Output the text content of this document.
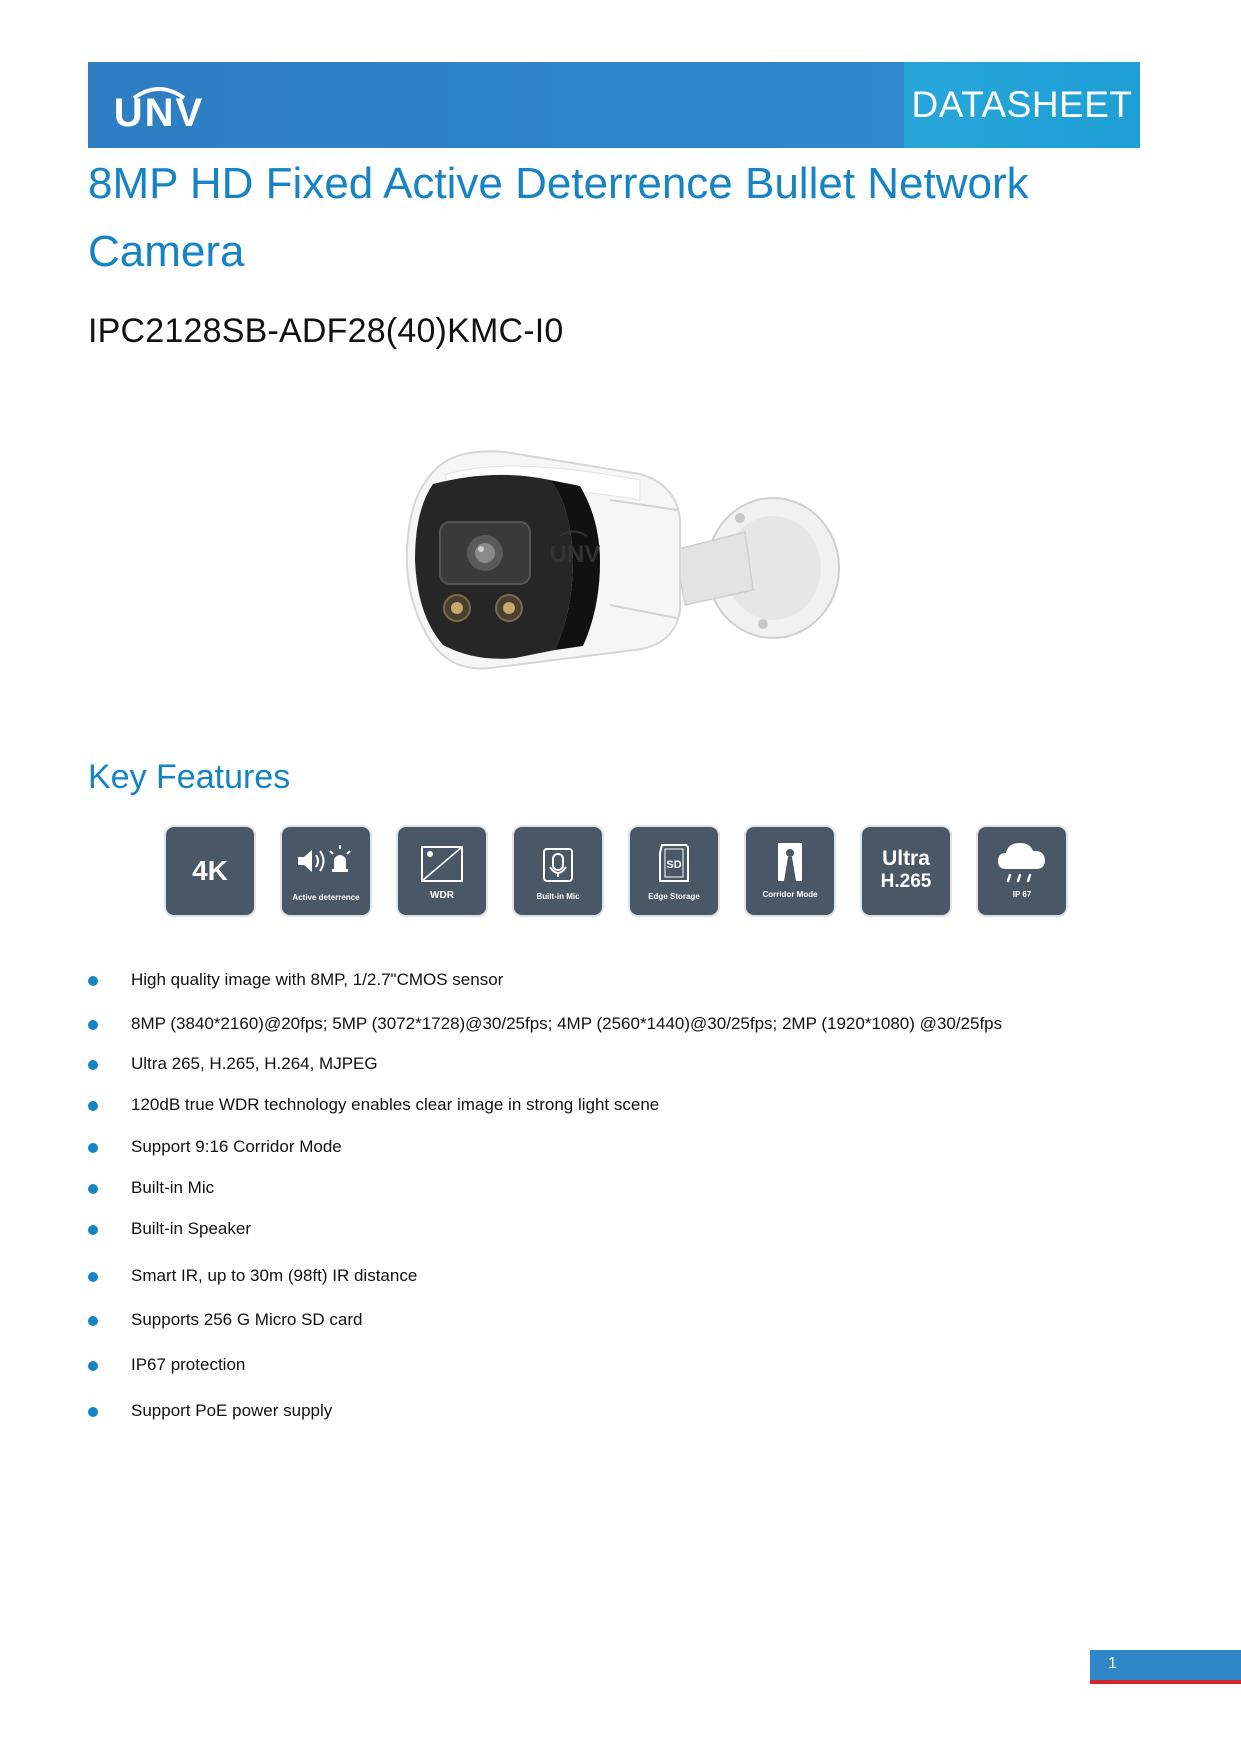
UNV	DATASHEET
8MP HD Fixed Active Deterrence Bullet Network Camera
IPC2128SB-ADF28(40)KMC-I0
UNV
Key Features
4K
Active deterrence	WDR	Built-in Mic
SD
Edge Storage	Corridor Mode
Ultra
H.265
IP 67
High quality image with 8MP, 1/2.7"CMOS sensor
8MP (3840*2160)@20fps; 5MP (3072*1728)@30/25fps; 4MP (2560*1440)@30/25fps; 2MP (1920*1080) @30/25fps
Ultra 265, H.265, H.264, MJPEG
120dB true WDR technology enables clear image in strong light scene
Support 9:16 Corridor Mode
Built-in Mic
Built-in Speaker
Smart IR, up to 30m (98ft) IR distance
Supports 256 G Micro SD card
IP67 protection
Support PoE power supply
1
